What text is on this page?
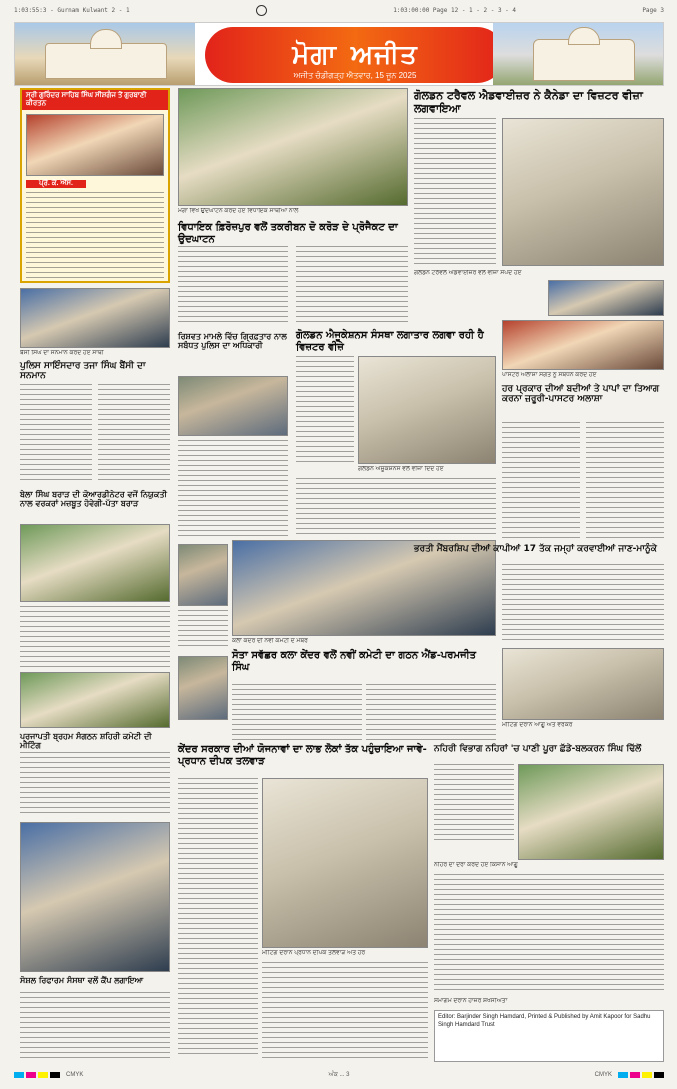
1:03:55:3 - Gurnam Kulwant 2 - 1	1:03:00:00 Page 12 - 1 - 2 - 3 - 4	Page 3
ਮੋਗਾ ਅਜੀਤ
ਅਜੀਤ ਚੰਡੀਗੜ੍ਹ ਐਤਵਾਰ, 15 ਜੂਨ 2025
ਸ੍ਰੀ ਗੁਰਿੰਦਰ ਸਾਹਿਬ ਸਿੰਘ ਸੀਸ਼ਗੰਜ ਤੋਂ ਗੁਰਬਾਣੀ ਕੀਰਤਨ
ਪ੍ਰੋ. ਕੇ. ਐੱਸ.
ਮੋਗਾ ਵਿਖੇ ਉਦਘਾਟਨ ਕਰਦੇ ਹੋਏ ਵਿਧਾਇਕ ਸਾਥੀਆਂ ਨਾਲ
ਵਿਧਾਇਕ ਫ਼ਿਰੋਜ਼ਪੁਰ ਵਲੋਂ ਤਕਰੀਬਨ ਦੋ ਕਰੋੜ ਦੇ ਪ੍ਰੋਜੈਕਟ ਦਾ ਉਦਘਾਟਨ
ਗੋਲਡਨ ਟਰੈਵਲ ਐਡਵਾਈਜ਼ਰ ਨੇ ਕੈਨੇਡਾ ਦਾ ਵਿਜ਼ਟਰ ਵੀਜ਼ਾ ਲਗਵਾਇਆ
ਗੋਲਡਨ ਟਰੈਵਲ ਐਡਵਾਈਜ਼ਰ ਵਲੋਂ ਵੀਜ਼ਾ ਸੌਂਪਦੇ ਹੋਏ
ਬੈਂਸੀ ਸਿੰਘ ਦਾ ਸਨਮਾਨ ਕਰਦੇ ਹੋਏ ਸਾਥੀ
ਪੁਲਿਸ ਸਾਇੰਸਦਾਰ ਤਜਾ ਸਿੰਘ ਬੈਂਸੀ ਦਾ ਸਨਮਾਨ
ਰਿਸ਼ਵਤ ਮਾਮਲੇ ਵਿੱਚ ਗ੍ਰਿਫ਼ਤਾਰ ਨਾਲ ਸਬੰਧਤ ਪੁਲਿਸ ਦਾ ਅਧਿਕਾਰੀ
ਗੋਲਡਨ ਐਜੂਕੇਸ਼ਨਸ ਸੰਸਥਾ ਲਗਾਤਾਰ ਲਗਵਾ ਰਹੀ ਹੈ ਵਿਜ਼ਟਰ ਵੀਜ਼ੇ
ਗੋਲਡਨ ਐਜੂਕੇਸ਼ਨਸ ਵਲੋਂ ਵੀਜ਼ਾ ਦਿੰਦੇ ਹੋਏ
ਪਾਸਟਰ ਅਲਾਸ਼ਾ ਸੰਗਤ ਨੂੰ ਸੰਬੋਧਨ ਕਰਦੇ ਹੋਏ
ਹਰ ਪ੍ਰਕਾਰ ਦੀਆਂ ਬਦੀਆਂ ਤੇ ਪਾਪਾਂ ਦਾ ਤਿਆਗ ਕਰਨਾ ਜ਼ਰੂਰੀ-ਪਾਸਟਰ ਅਲਾਸ਼ਾ
ਬੇਲਾ ਸਿੰਘ ਬਰਾੜ ਦੀ ਕੋਆਰਡੀਨੇਟਰ ਵਜੋਂ ਨਿਯੁਕਤੀ ਨਾਲ ਵਰਕਰਾਂ ਮਜ਼ਬੂਤ ਹੋਵੇਗੀ-ਪੱਤਾ ਬਰਾੜ
ਕਲਾ ਕੇਂਦਰ ਦੀ ਨਵੀਂ ਕਮੇਟੀ ਦੇ ਮੈਂਬਰ
ਸੋਤਾ ਸਵੱਛਰ ਕਲਾ ਕੇਂਦਰ ਵਲੋਂ ਨਵੀਂ ਕਮੇਟੀ ਦਾ ਗਠਨ ਐਂਡ-ਪਰਮਜੀਤ ਸਿੰਘ
ਭਰਤੀ ਮੈਂਬਰਸ਼ਿਪ ਦੀਆਂ ਕਾਪੀਆਂ 17 ਤੱਕ ਜਮ੍ਹਾਂ ਕਰਵਾਈਆਂ ਜਾਣ-ਮਾਨੂੰਕੇ
ਮੀਟਿੰਗ ਦੌਰਾਨ ਆਗੂ ਅਤੇ ਵਰਕਰ
ਪ੍ਰਜਾਪਤੀ ਬ੍ਰਹਮ ਸੰਗਠਨ ਸ਼ਹਿਰੀ ਕਮੇਟੀ ਦੀ ਮੀਟਿੰਗ
ਸੋਸ਼ਲ ਰਿਫਾਰਮ ਸੰਸਥਾ ਵਲੋਂ ਕੈਂਪ ਲਗਾਇਆ
ਕੇਂਦਰ ਸਰਕਾਰ ਦੀਆਂ ਯੋਜਨਾਵਾਂ ਦਾ ਲਾਭ ਲੋਕਾਂ ਤੱਕ ਪਹੁੰਚਾਇਆ ਜਾਵੇ-ਪ੍ਰਧਾਨ ਦੀਪਕ ਤਲਵਾੜ
ਮੀਟਿੰਗ ਦੌਰਾਨ ਪ੍ਰਧਾਨ ਦੀਪਕ ਤਲਵਾੜ ਅਤੇ ਹੋਰ
ਨਹਿਰੀ ਵਿਭਾਗ ਨਹਿਰਾਂ 'ਚ ਪਾਣੀ ਪੂਰਾ ਛੱਡੇ-ਬਲਕਰਨ ਸਿੰਘ ਢਿੱਲੋਂ
ਨਹਿਰ ਦਾ ਦੌਰਾ ਕਰਦੇ ਹੋਏ ਕਿਸਾਨ ਆਗੂ
ਸਮਾਗਮ ਦੌਰਾਨ ਹਾਜ਼ਰ ਸ਼ਖਸੀਅਤਾਂ
Editor: Barjinder Singh Hamdard, Printed & Published by Amit Kapoor for Sadhu Singh Hamdard Trust
CMYK	ਅੰਕ ... 3	CMYK
